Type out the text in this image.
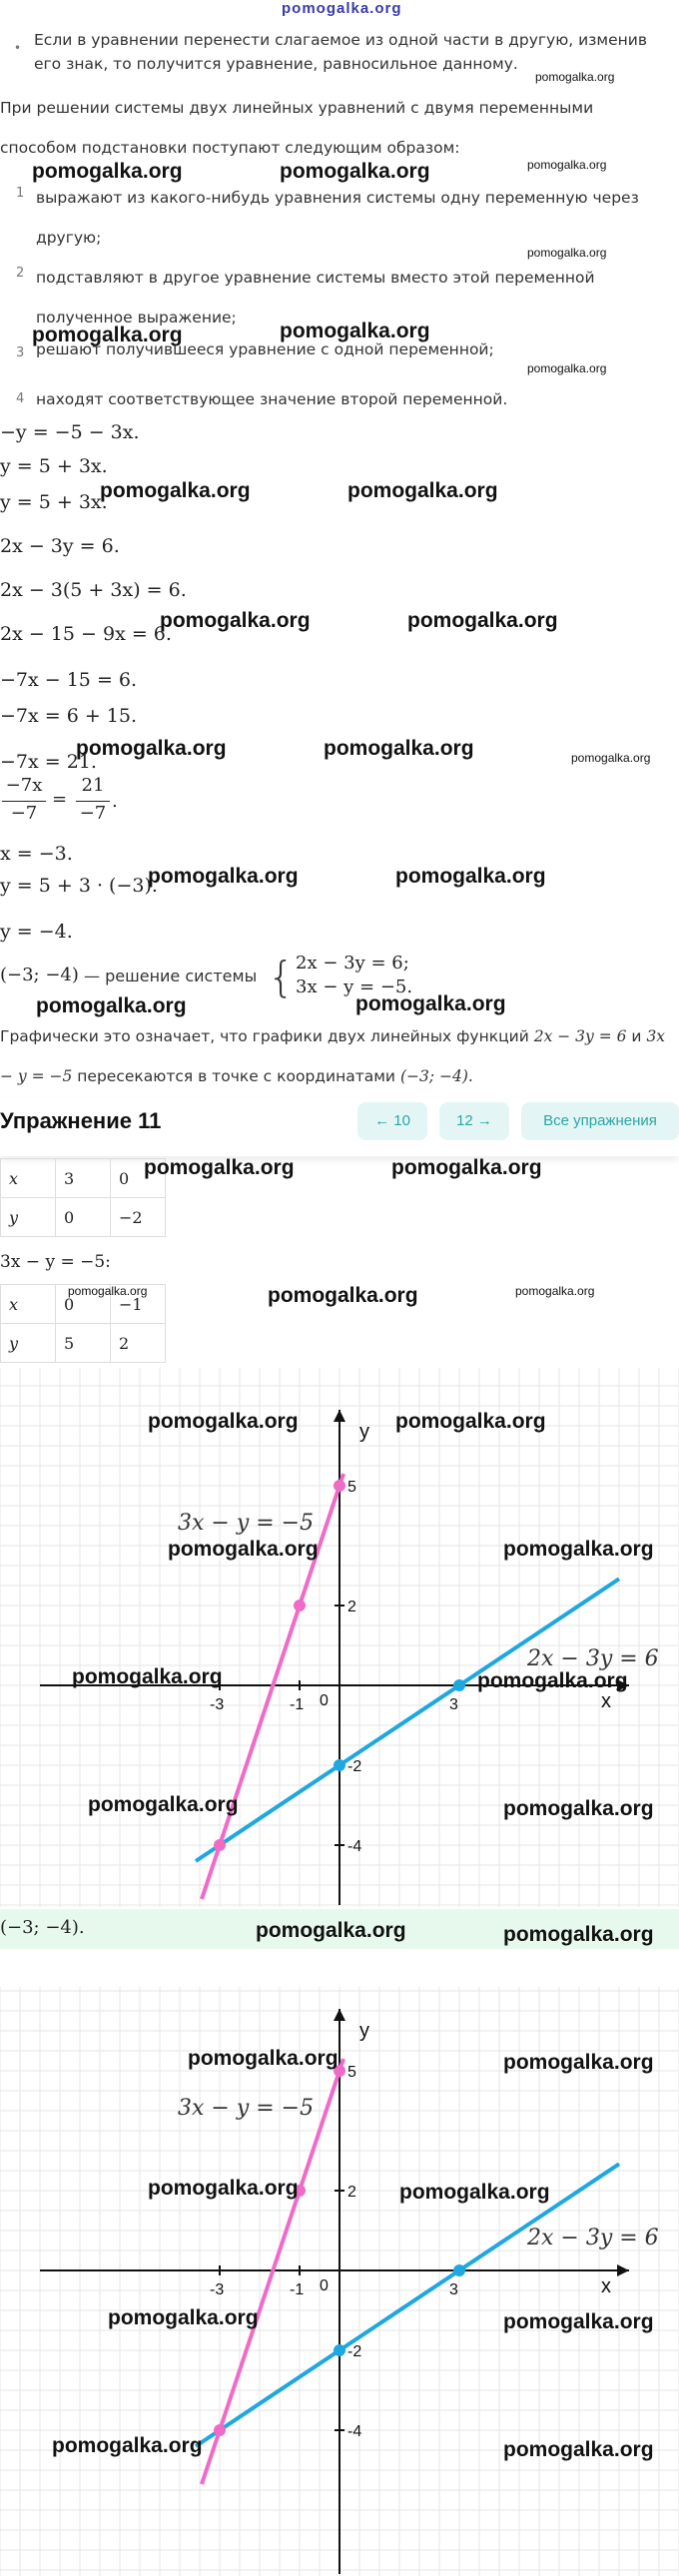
pomogalka.org
• Если в уравнении перенести слагаемое из одной части в другую, изменив его знак, то получится уравнение, равносильное данному.
При решении системы двух линейных уравнений с двумя переменными способом подстановки поступают следующим образом:
1 выражают из какого-нибудь уравнения системы одну переменную через другую;
2 подставляют в другое уравнение системы вместо этой переменной полученное выражение;
3 решают получившееся уравнение с одной переменной;
4 находят соответствующее значение второй переменной.
−y = −5 − 3x.
y = 5 + 3x.
y = 5 + 3x.
2x − 3y = 6.
2x − 3(5 + 3x) = 6.
2x − 15 − 9x = 6.
−7x − 15 = 6.
−7x = 6 + 15.
−7x = 21.
−7x
−7
=
21
−7
.
x = −3.
y = 5 + 3 · (−3).
y = −4.
(−3; −4) — решение системы { 2x − 3y = 6;
3x − y = −5.
Графически это означает, что графики двух линейных функций 2x − 3y = 6 и 3x − y = −5 пересекаются в точке с координатами (−3; −4).
Упражнение 11	← 10	12 →	Все упражнения
x	3	0
y	0	−2
3x − y = −5:
x	0	−1
y	5	2
x
y
0
-3	-1	3
5
2
-2
-4
3x − y = −5
2x − 3y = 6
(−3; −4).
x
y
0
-3	-1	3
5
2
-2
-4
3x − y = −5
2x − 3y = 6
pomogalka.org	pomogalka.org	pomogalka.org
pomogalka.org
pomogalka.org	pomogalka.org
pomogalka.org
pomogalka.org
pomogalka.org	pomogalka.org
pomogalka.org	pomogalka.org
pomogalka.org	pomogalka.org	pomogalka.org
pomogalka.org	pomogalka.org
pomogalka.org	pomogalka.org
pomogalka.org	pomogalka.org
pomogalka.org	pomogalka.org	pomogalka.org
pomogalka.org	pomogalka.org
pomogalka.org	pomogalka.org
pomogalka.org	pomogalka.org
pomogalka.org	pomogalka.org
pomogalka.org	pomogalka.org
pomogalka.org	pomogalka.org
pomogalka.org	pomogalka.org
pomogalka.org	pomogalka.org
pomogalka.org	pomogalka.org
